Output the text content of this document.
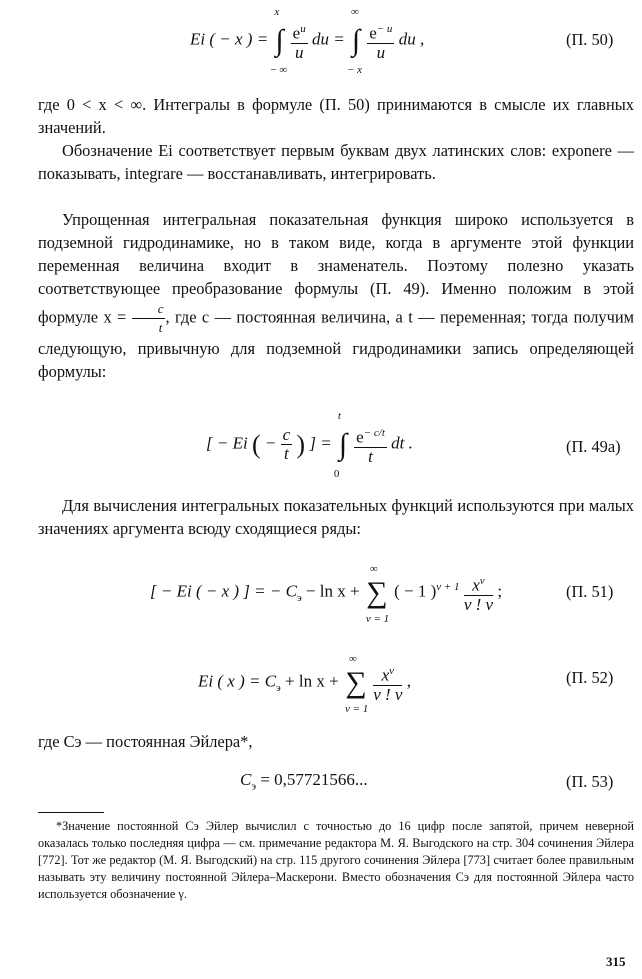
Ei ( − x ) =
x
∫
− ∞

$\frac{e^u}{u}$ du =
∞
∫
− x

$\frac{e^{- u}}{u}$ du ,	(П. 50)
где 0 < x < ∞. Интегралы в формуле (П. 50) принимаются в смысле их главных значений.
Обозначение Ei соответствует первым буквам двух латинских слов: exponere — показывать, integrare — восстанавливать, интегрировать.
Упрощенная интегральная показательная функция широко используется в подземной гидродинамике, но в таком виде, когда в аргументе этой функции переменная величина входит в знаменатель. Поэтому полезно указать соответствующее преобразование формулы (П. 49). Именно положим в этой формуле $x = \frac{c}{t}$ , где c — постоянная величина, а t — переменная; тогда получим следующую, привычную для подземной гидродинамики запись определяющей формулы:
[ − Ei ( − $\frac{c}{t}$ ) ] =
t
∫
0

$\frac{e^{- c/t}}{t}$ dt .	(П. 49а)
Для вычисления интегральных показательных функций используются при малых значениях аргумента всюду сходящиеся ряды:
[ − Ei ( − x ) ] = − $C_э - \ln x$ +
∞
∑
ν = 1
( − 1 )$^{\nu + 1} \frac{x^\nu}{\nu ! \nu}$ ;	(П. 51)
Ei ( x ) = $C_э + \ln x$ +
∞
∑
ν = 1

$\frac{x^\nu}{\nu ! \nu}$ ,	(П. 52)
где Cэ — постоянная Эйлера*,
$C_э = 0,57721566$...	(П. 53)
*Значение постоянной Cэ Эйлер вычислил с точностью до 16 цифр после запятой, причем неверной оказалась только последняя цифра — см. примечание редактора М. Я. Выгодского на стр. 304 сочинения Эйлера [772]. Тот же редактор (М. Я. Выгодский) на стр. 115 другого сочинения Эйлера [773] считает более правильным называть эту величину постоянной Эйлера–Маскерони. Вместо обозначения Cэ для постоянной Эйлера часто используется обозначение γ.
315
